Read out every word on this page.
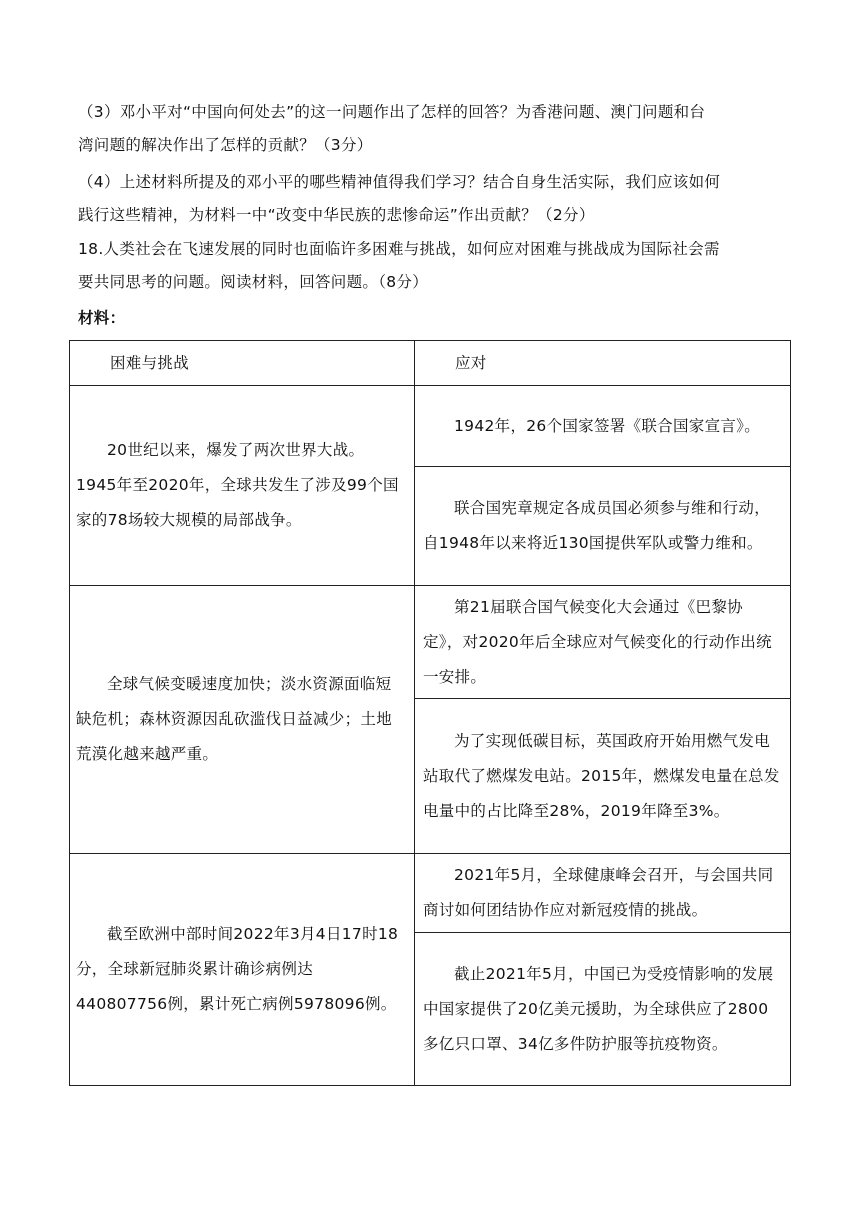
（3）邓小平对“中国向何处去”的这一问题作出了怎样的回答？为香港问题、澳门问题和台
湾问题的解决作出了怎样的贡献？（3分）
（4）上述材料所提及的邓小平的哪些精神值得我们学习？结合自身生活实际，我们应该如何
践行这些精神，为材料一中“改变中华民族的悲惨命运”作出贡献？（2分）
18.人类社会在飞速发展的同时也面临许多困难与挑战，如何应对困难与挑战成为国际社会需
要共同思考的问题。阅读材料，回答问题。（8分）
材料：
困难与挑战	应对
20世纪以来，爆发了两次世界大战。1945年至2020年，全球共发生了涉及99个国家的78场较大规模的局部战争。	1942年，26个国家签署《联合国家宣言》。
	联合国宪章规定各成员国必须参与维和行动，自1948年以来将近130国提供军队或警力维和。
全球气候变暖速度加快；淡水资源面临短缺危机；森林资源因乱砍滥伐日益减少；土地荒漠化越来越严重。	第21届联合国气候变化大会通过《巴黎协定》，对2020年后全球应对气候变化的行动作出统一安排。
	为了实现低碳目标，英国政府开始用燃气发电站取代了燃煤发电站。2015年，燃煤发电量在总发电量中的占比降至28%，2019年降至3%。
截至欧洲中部时间2022年3月4日17时18分，全球新冠肺炎累计确诊病例达440807756例，累计死亡病例5978096例。	2021年5月，全球健康峰会召开，与会国共同商讨如何团结协作应对新冠疫情的挑战。
	截止2021年5月，中国已为受疫情影响的发展中国家提供了20亿美元援助，为全球供应了2800多亿只口罩、34亿多件防护服等抗疫物资。
